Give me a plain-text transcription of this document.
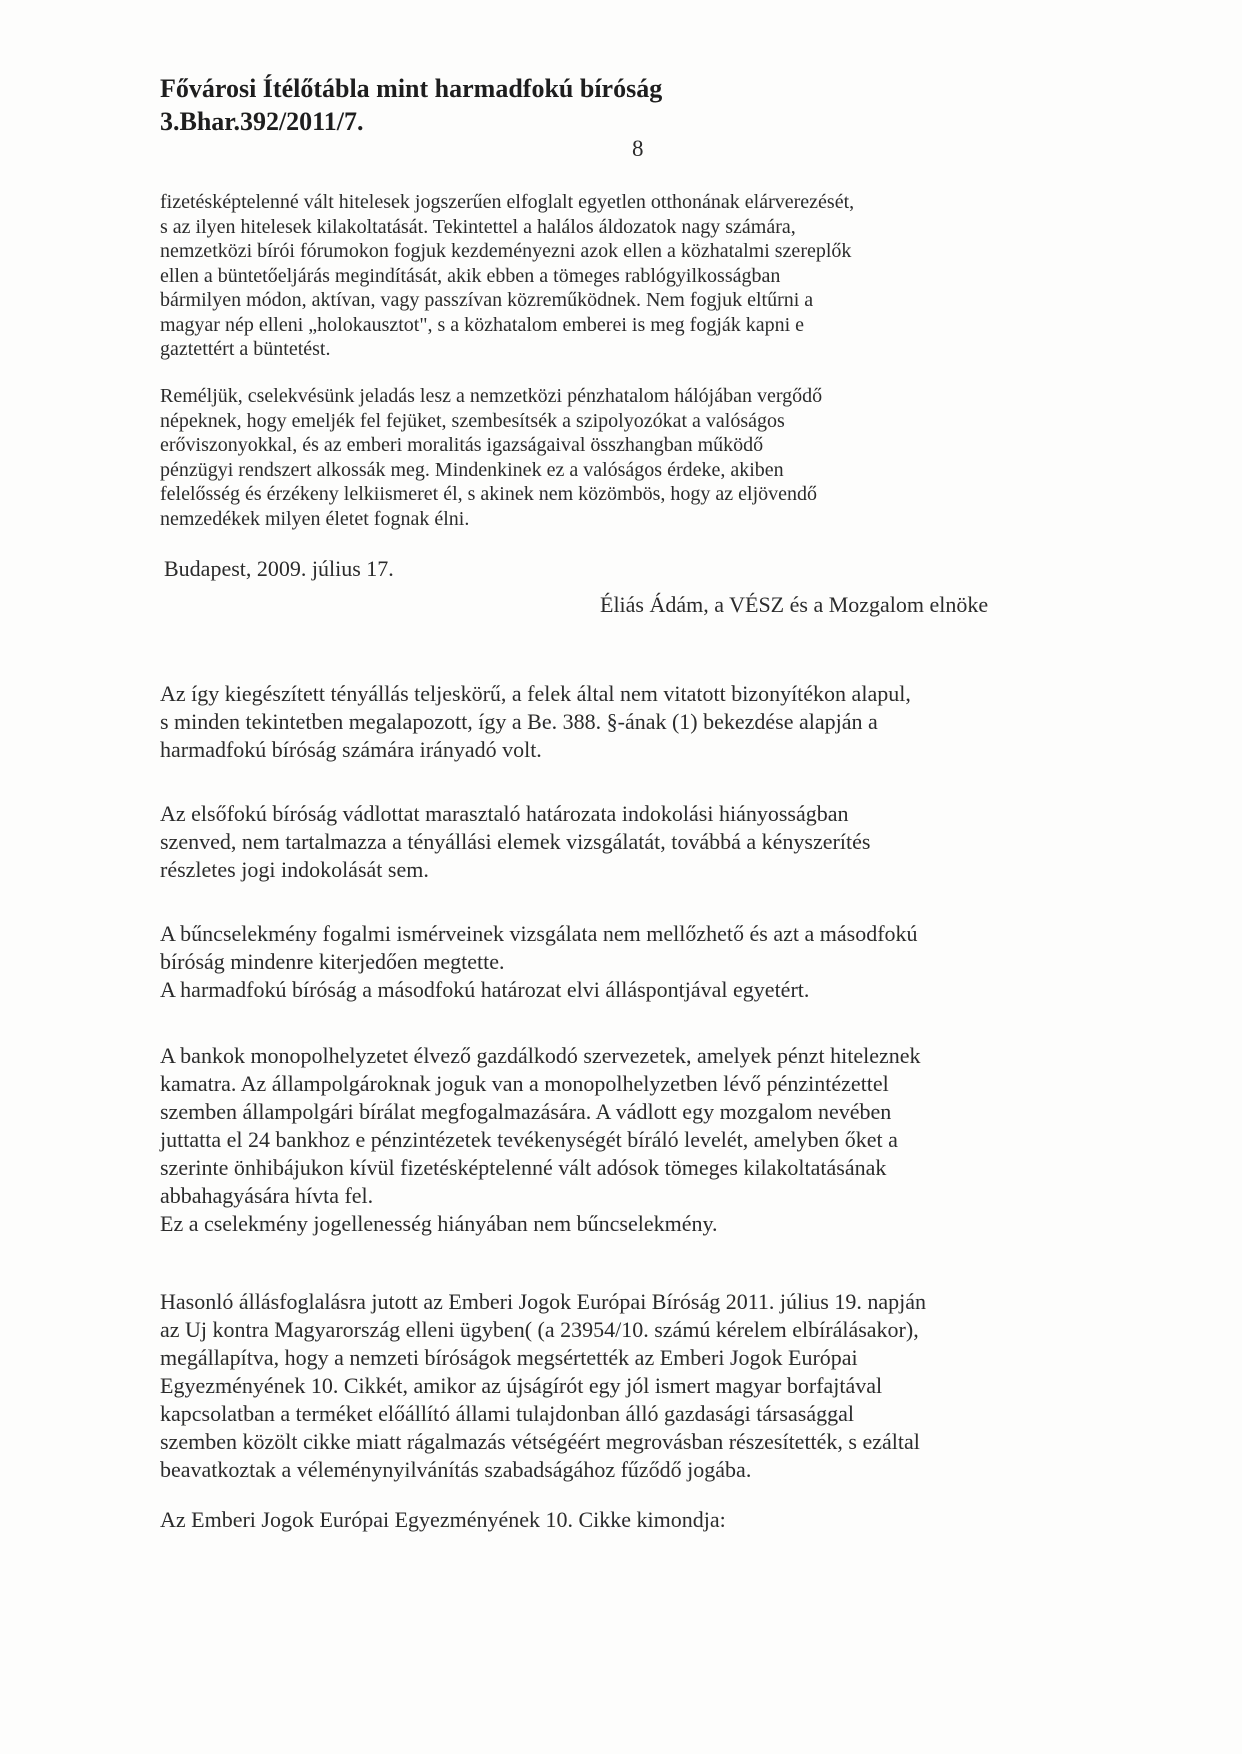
Fővárosi Ítélőtábla mint harmadfokú bíróság
3.Bhar.392/2011/7.
8
fizetésképtelenné vált hitelesek jogszerűen elfoglalt egyetlen otthonának elárverezését,
s az ilyen hitelesek kilakoltatását. Tekintettel a halálos áldozatok nagy számára,
nemzetközi bírói fórumokon fogjuk kezdeményezni azok ellen a közhatalmi szereplők
ellen a büntetőeljárás megindítását, akik ebben a tömeges rablógyilkosságban
bármilyen módon, aktívan, vagy passzívan közreműködnek. Nem fogjuk eltűrni a
magyar nép elleni „holokausztot", s a közhatalom emberei is meg fogják kapni e
gaztettért a büntetést.
Reméljük, cselekvésünk jeladás lesz a nemzetközi pénzhatalom hálójában vergődő
népeknek, hogy emeljék fel fejüket, szembesítsék a szipolyozókat a valóságos
erőviszonyokkal, és az emberi moralitás igazságaival összhangban működő
pénzügyi rendszert alkossák meg. Mindenkinek ez a valóságos érdeke, akiben
felelősség és érzékeny lelkiismeret él, s akinek nem közömbös, hogy az eljövendő
nemzedékek milyen életet fognak élni.
Budapest, 2009. július 17.
Éliás Ádám, a VÉSZ és a Mozgalom elnöke
Az így kiegészített tényállás teljeskörű, a felek által nem vitatott bizonyítékon alapul,
s minden tekintetben megalapozott, így a Be. 388. §-ának (1) bekezdése alapján a
harmadfokú bíróság számára irányadó volt.
Az elsőfokú bíróság vádlottat marasztaló határozata indokolási hiányosságban
szenved, nem tartalmazza a tényállási elemek vizsgálatát, továbbá a kényszerítés
részletes jogi indokolását sem.
A bűncselekmény fogalmi ismérveinek vizsgálata nem mellőzhető és azt a másodfokú
bíróság mindenre kiterjedően megtette.
A harmadfokú bíróság a másodfokú határozat elvi álláspontjával egyetért.
A bankok monopolhelyzetet élvező gazdálkodó szervezetek, amelyek pénzt hiteleznek
kamatra. Az állampolgároknak joguk van a monopolhelyzetben lévő pénzintézettel
szemben állampolgári bírálat megfogalmazására. A vádlott egy mozgalom nevében
juttatta el 24 bankhoz e pénzintézetek tevékenységét bíráló levelét, amelyben őket a
szerinte önhibájukon kívül fizetésképtelenné vált adósok tömeges kilakoltatásának
abbahagyására hívta fel.
Ez a cselekmény jogellenesség hiányában nem bűncselekmény.
Hasonló állásfoglalásra jutott az Emberi Jogok Európai Bíróság 2011. július 19. napján
az Uj kontra Magyarország elleni ügyben( (a 23954/10. számú kérelem elbírálásakor),
megállapítva, hogy a nemzeti bíróságok megsértették az Emberi Jogok Európai
Egyezményének 10. Cikkét, amikor az újságírót egy jól ismert magyar borfajtával
kapcsolatban a terméket előállító állami tulajdonban álló gazdasági társasággal
szemben közölt cikke miatt rágalmazás vétségéért megrovásban részesítették, s ezáltal
beavatkoztak a véleménynyilvánítás szabadságához fűződő jogába.
Az Emberi Jogok Európai Egyezményének 10. Cikke kimondja:
